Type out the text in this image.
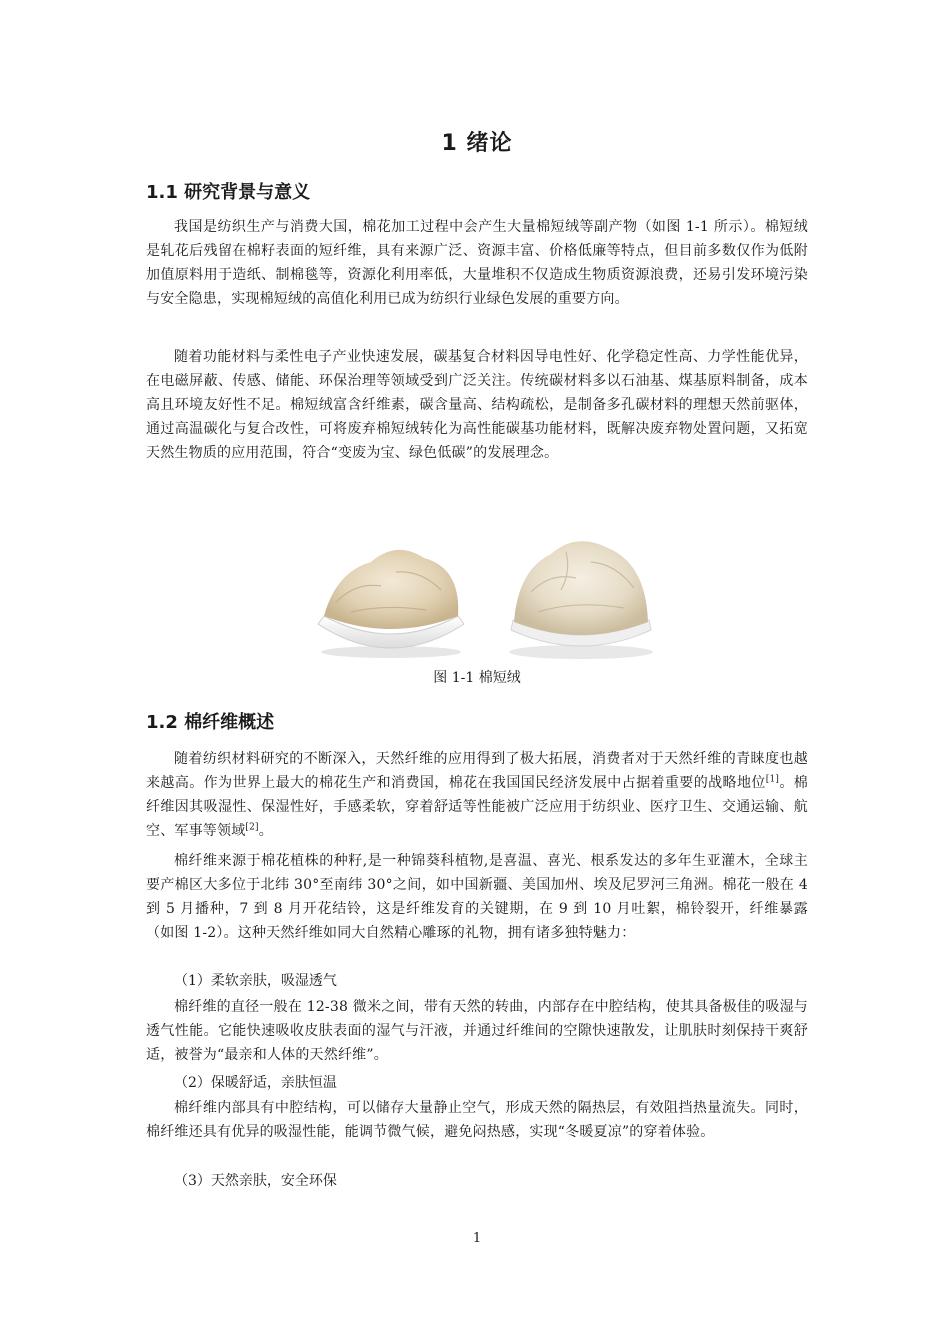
1 绪论
1.1 研究背景与意义

我国是纺织生产与消费大国，棉花加工过程中会产生大量棉短绒等副产物（如图 1-1 所示）。棉短绒是轧花后残留在棉籽表面的短纤维，具有来源广泛、资源丰富、价格低廉等特点，但目前多数仅作为低附加值原料用于造纸、制棉毯等，资源化利用率低，大量堆积不仅造成生物质资源浪费，还易引发环境污染与安全隐患，实现棉短绒的高值化利用已成为纺织行业绿色发展的重要方向。

随着功能材料与柔性电子产业快速发展，碳基复合材料因导电性好、化学稳定性高、力学性能优异，在电磁屏蔽、传感、储能、环保治理等领域受到广泛关注。传统碳材料多以石油基、煤基原料制备，成本高且环境友好性不足。棉短绒富含纤维素，碳含量高、结构疏松，是制备多孔碳材料的理想天然前驱体，通过高温碳化与复合改性，可将废弃棉短绒转化为高性能碳基功能材料，既解决废弃物处置问题，又拓宽天然生物质的应用范围，符合“变废为宝、绿色低碳”的发展理念。

图 1-1 棉短绒
1.2 棉纤维概述

随着纺织材料研究的不断深入，天然纤维的应用得到了极大拓展，消费者对于天然纤维的青睐度也越来越高。作为世界上最大的棉花生产和消费国，棉花在我国国民经济发展中占据着重要的战略地位[1]。棉纤维因其吸湿性、保湿性好，手感柔软，穿着舒适等性能被广泛应用于纺织业、医疗卫生、交通运输、航空、军事等领域[2]。

棉纤维来源于棉花植株的种籽,是一种锦葵科植物,是喜温、喜光、根系发达的多年生亚灌木，全球主要产棉区大多位于北纬 30°至南纬 30°之间，如中国新疆、美国加州、埃及尼罗河三角洲。棉花一般在 4 到 5 月播种，7 到 8 月开花结铃，这是纤维发育的关键期，在 9 到 10 月吐絮，棉铃裂开，纤维暴露（如图 1-2）。这种天然纤维如同大自然精心雕琢的礼物，拥有诸多独特魅力：

（1）柔软亲肤，吸湿透气

棉纤维的直径一般在 12-38 微米之间，带有天然的转曲，内部存在中腔结构，使其具备极佳的吸湿与透气性能。它能快速吸收皮肤表面的湿气与汗液，并通过纤维间的空隙快速散发，让肌肤时刻保持干爽舒适，被誉为“最亲和人体的天然纤维”。

（2）保暖舒适，亲肤恒温

棉纤维内部具有中腔结构，可以储存大量静止空气，形成天然的隔热层，有效阻挡热量流失。同时，棉纤维还具有优异的吸湿性能，能调节微气候，避免闷热感，实现“冬暖夏凉”的穿着体验。

（3）天然亲肤，安全环保

1
